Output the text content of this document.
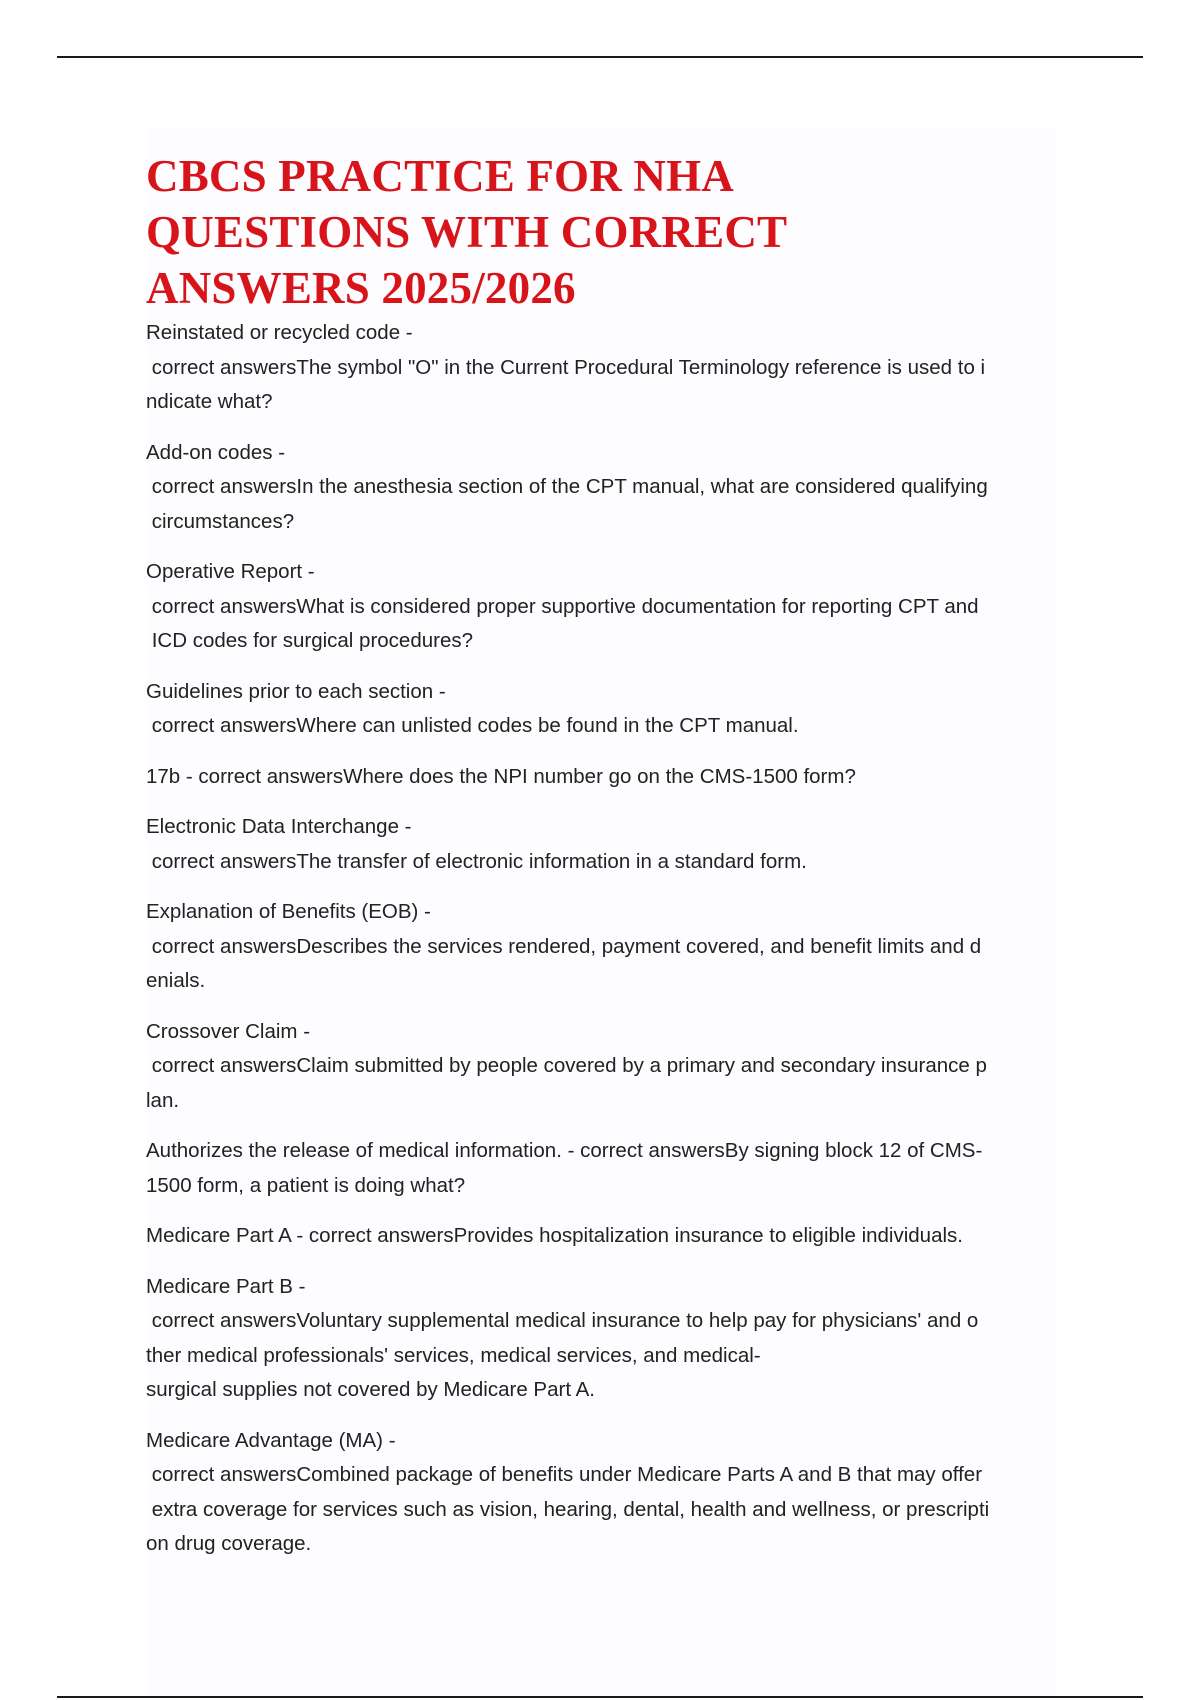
CBCS PRACTICE FOR NHA
QUESTIONS WITH CORRECT
ANSWERS 2025/2026
Reinstated or recycled code -
correct answersThe symbol "O" in the Current Procedural Terminology reference is used to i
ndicate what?
Add-on codes -
correct answersIn the anesthesia section of the CPT manual, what are considered qualifying
circumstances?
Operative Report -
correct answersWhat is considered proper supportive documentation for reporting CPT and
ICD codes for surgical procedures?
Guidelines prior to each section -
correct answersWhere can unlisted codes be found in the CPT manual.
17b - correct answersWhere does the NPI number go on the CMS-1500 form?
Electronic Data Interchange -
correct answersThe transfer of electronic information in a standard form.
Explanation of Benefits (EOB) -
correct answersDescribes the services rendered, payment covered, and benefit limits and d
enials.
Crossover Claim -
correct answersClaim submitted by people covered by a primary and secondary insurance p
lan.
Authorizes the release of medical information. - correct answersBy signing block 12 of CMS-
1500 form, a patient is doing what?
Medicare Part A - correct answersProvides hospitalization insurance to eligible individuals.
Medicare Part B -
correct answersVoluntary supplemental medical insurance to help pay for physicians' and o
ther medical professionals' services, medical services, and medical-
surgical supplies not covered by Medicare Part A.
Medicare Advantage (MA) -
correct answersCombined package of benefits under Medicare Parts A and B that may offer
extra coverage for services such as vision, hearing, dental, health and wellness, or prescripti
on drug coverage.
